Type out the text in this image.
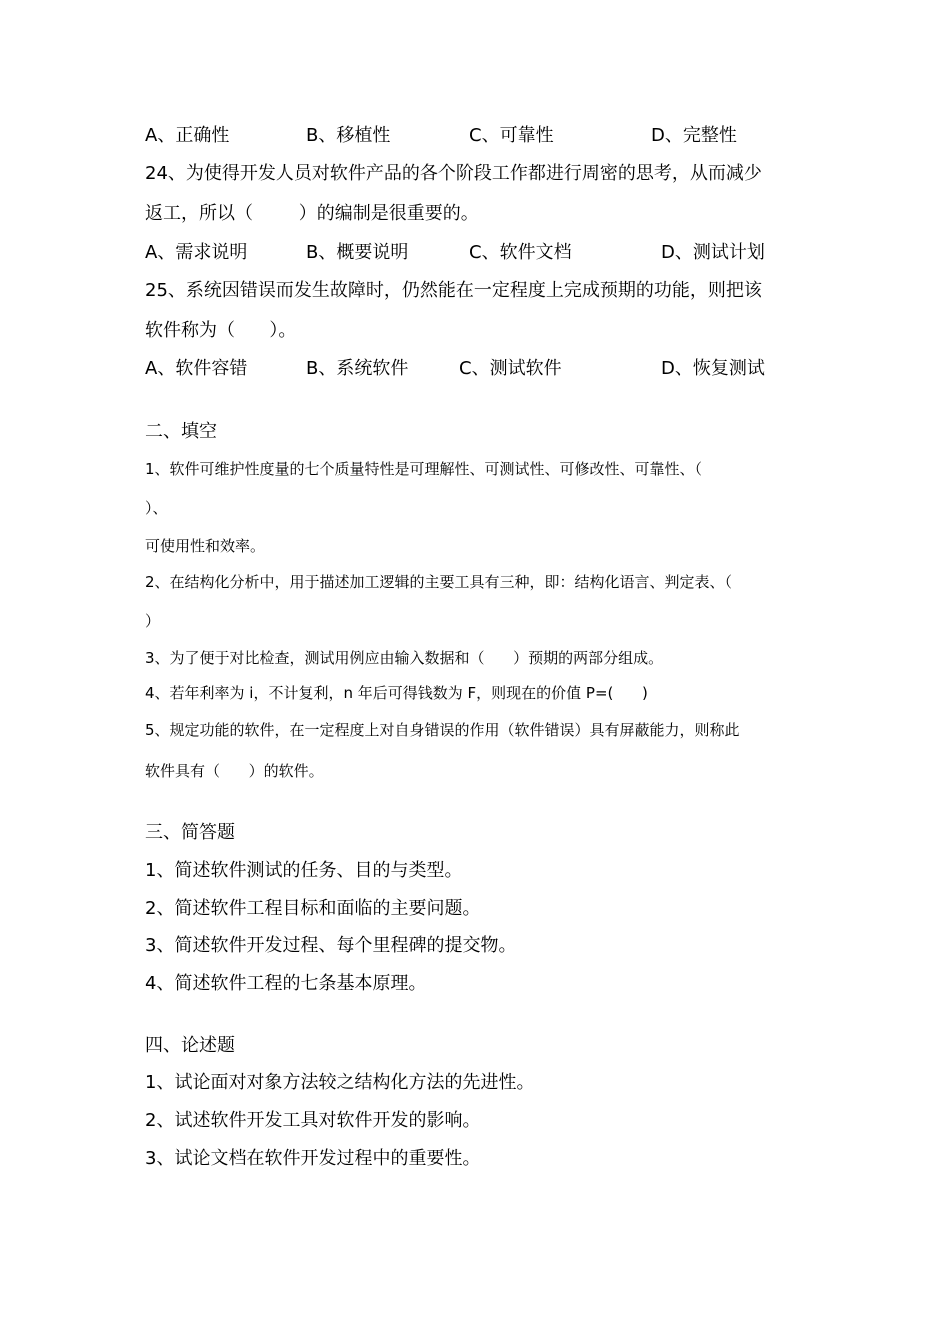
A、正确性	B、移植性	C、可靠性	D、完整性
24、为使得开发人员对软件产品的各个阶段工作都进行周密的思考，从而减少
返工，所以（        ）的编制是很重要的。
A、需求说明	B、概要说明	C、软件文档	D、测试计划
25、系统因错误而发生故障时，仍然能在一定程度上完成预期的功能，则把该
软件称为（      ）。
A、软件容错	B、系统软件	C、测试软件	D、恢复测试
二、填空
1、软件可维护性度量的七个质量特性是可理解性、可测试性、可修改性、可靠性、（
）、
可使用性和效率。
2、在结构化分析中，用于描述加工逻辑的主要工具有三种，即：结构化语言、判定表、（
）
3、为了便于对比检查，测试用例应由输入数据和（      ）预期的两部分组成。
4、若年利率为 i，不计复利，n 年后可得钱数为 F，则现在的价值 P=(      )
5、规定功能的软件，在一定程度上对自身错误的作用（软件错误）具有屏蔽能力，则称此
软件具有（      ）的软件。
三、简答题
1、简述软件测试的任务、目的与类型。
2、简述软件工程目标和面临的主要问题。
3、简述软件开发过程、每个里程碑的提交物。
4、简述软件工程的七条基本原理。
四、论述题
1、试论面对对象方法较之结构化方法的先进性。
2、试述软件开发工具对软件开发的影响。
3、试论文档在软件开发过程中的重要性。
